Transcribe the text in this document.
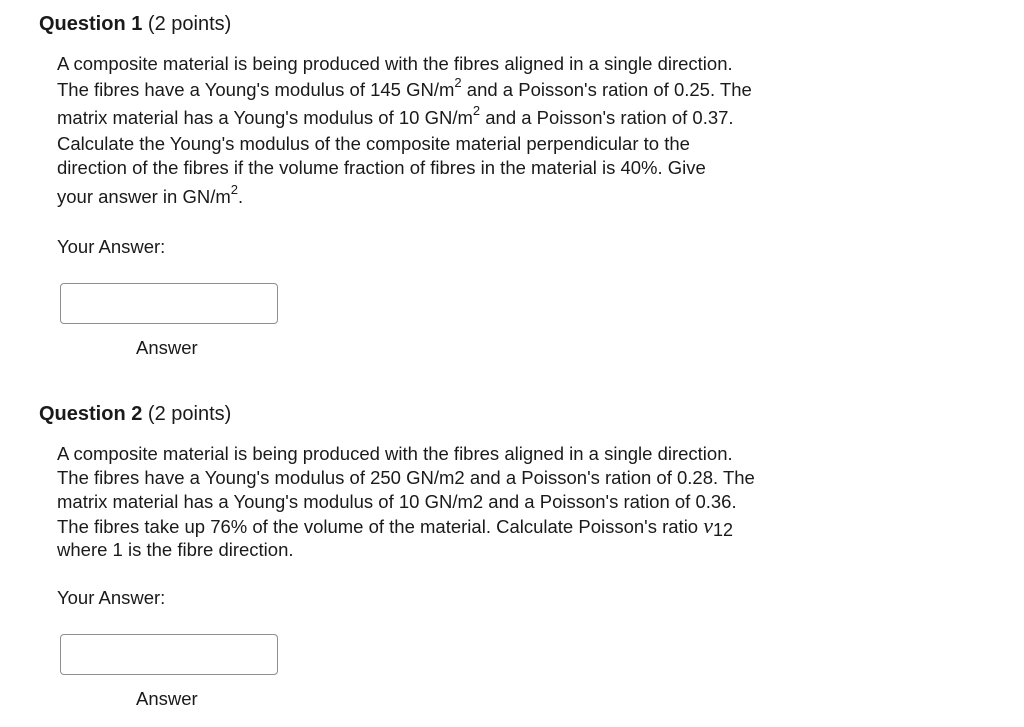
Question 1 (2 points)
A composite material is being produced with the fibres aligned in a single direction.
The fibres have a Young's modulus of 145 $GN/m^2$ and a Poisson's ration of 0.25. The
matrix material has a Young's modulus of 10 $GN/m^2$ and a Poisson's ration of 0.37.
Calculate the Young's modulus of the composite material perpendicular to the
direction of the fibres if the volume fraction of fibres in the material is 40%. Give
your answer in $GN/m^2$.
Your Answer:
Answer
Question 2 (2 points)
A composite material is being produced with the fibres aligned in a single direction.
The fibres have a Young's modulus of 250 GN/m2 and a Poisson's ration of 0.28. The
matrix material has a Young's modulus of 10 GN/m2 and a Poisson's ration of 0.36.
The fibres take up 76% of the volume of the material. Calculate Poisson's ratio ν12
where 1 is the fibre direction.
Your Answer:
Answer
